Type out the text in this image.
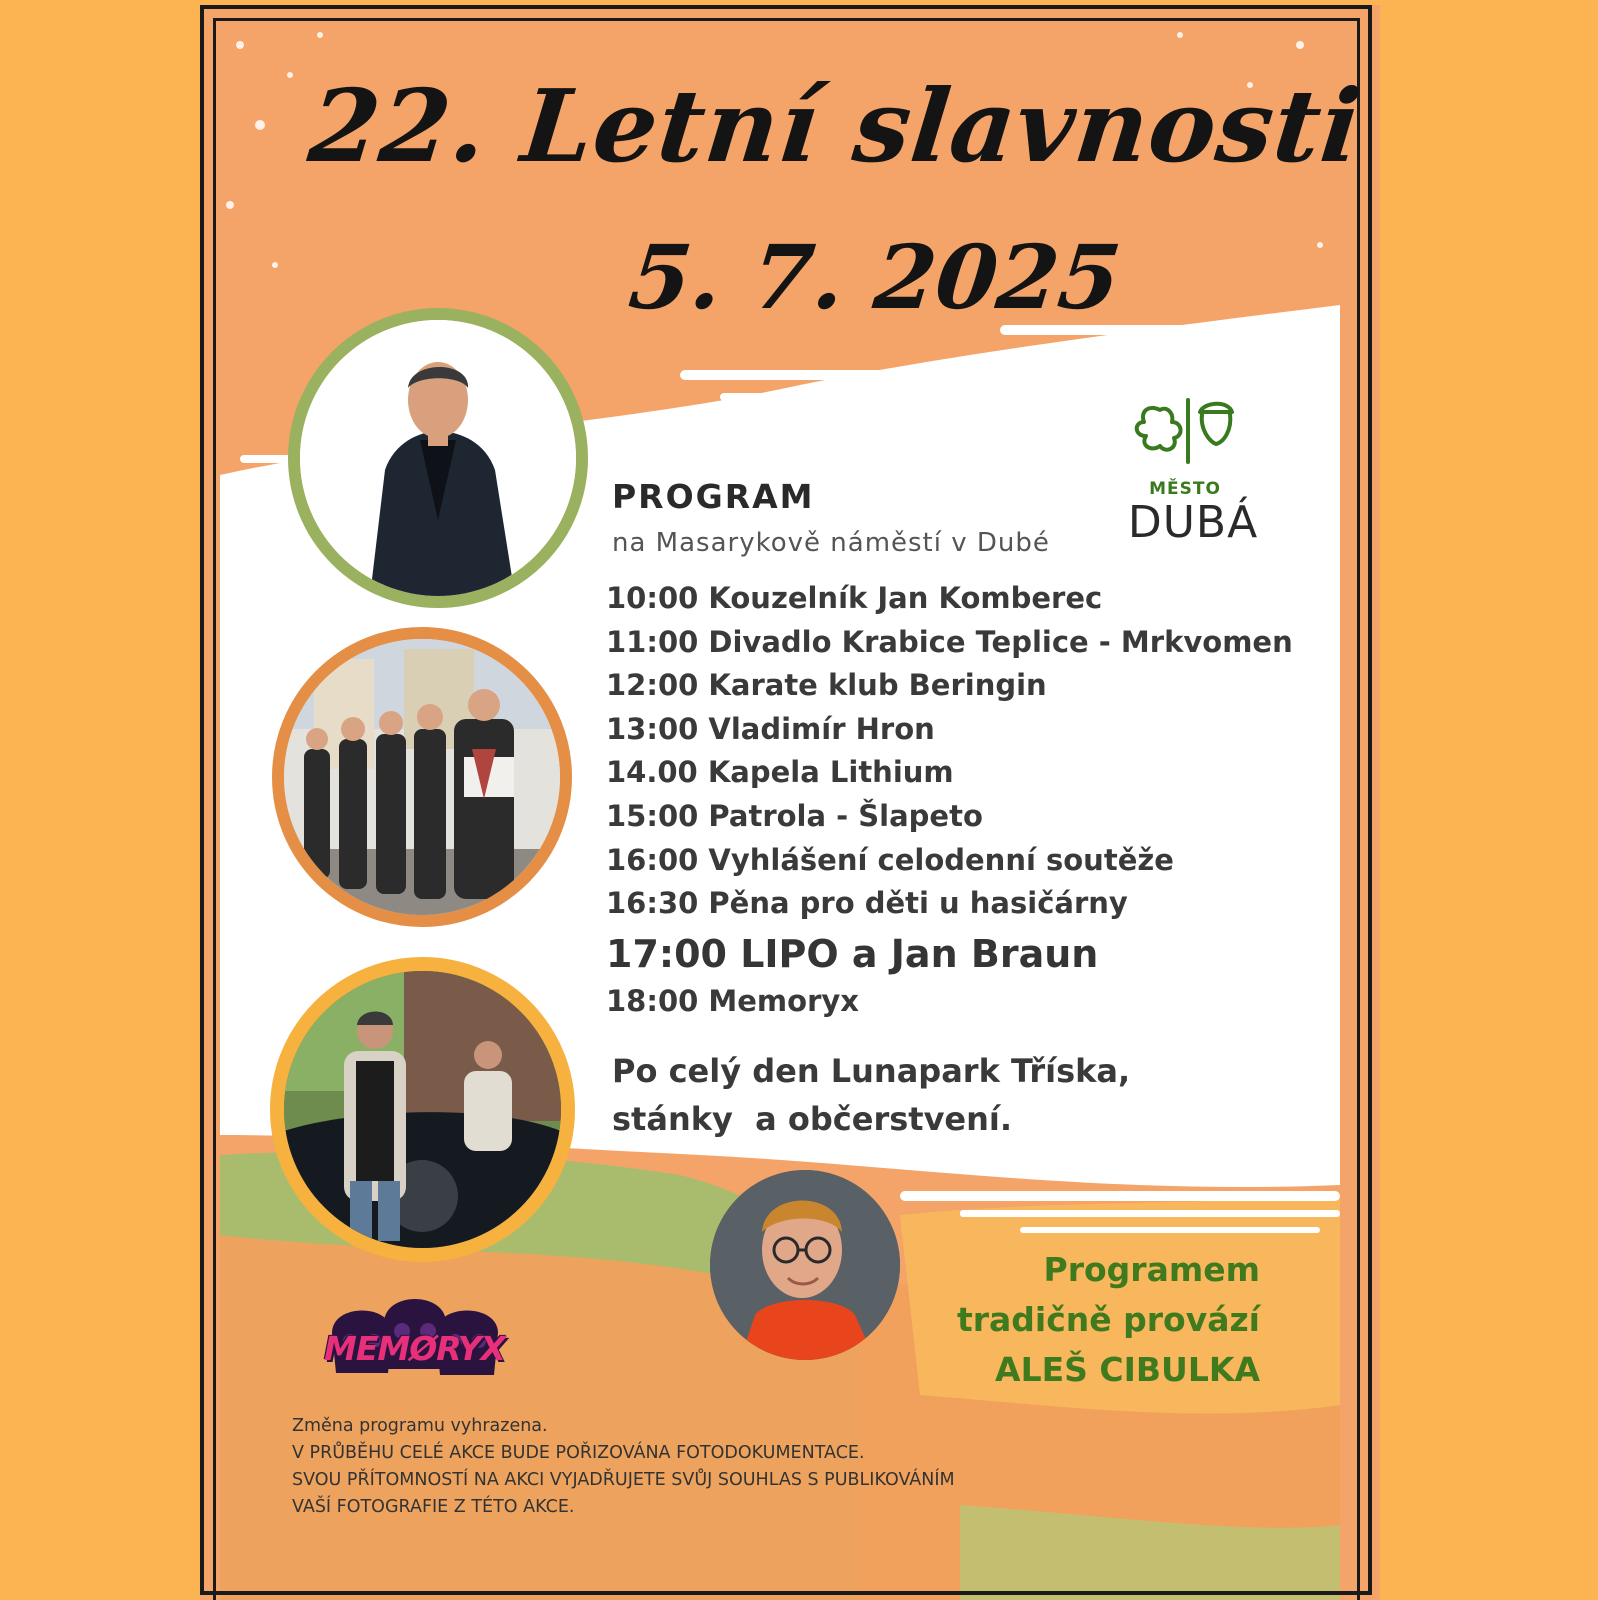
22. Letní slavnosti
5. 7. 2025
PROGRAM
na Masarykově náměstí v Dubé
10:00 Kouzelník Jan Komberec
11:00 Divadlo Krabice Teplice - Mrkvomen
12:00 Karate klub Beringin
13:00 Vladimír Hron
14.00 Kapela Lithium
15:00 Patrola - Šlapeto
16:00 Vyhlášení celodenní soutěže
16:30 Pěna pro děti u hasičárny
17:00 LIPO a Jan Braun
18:00 Memoryx
Po celý den Lunapark Tříska,
stánky  a občerstvení.
MĚSTO
DUBÁ
Programem
tradičně provází
ALEŠ CIBULKA
MEMØRYX
Změna programu vyhrazena.
V PRŮBĚHU CELÉ AKCE BUDE POŘIZOVÁNA FOTODOKUMENTACE.
SVOU PŘÍTOMNOSTÍ NA AKCI VYJADŘUJETE SVŮJ SOUHLAS S PUBLIKOVÁNÍM
VAŠÍ FOTOGRAFIE Z TÉTO AKCE.
